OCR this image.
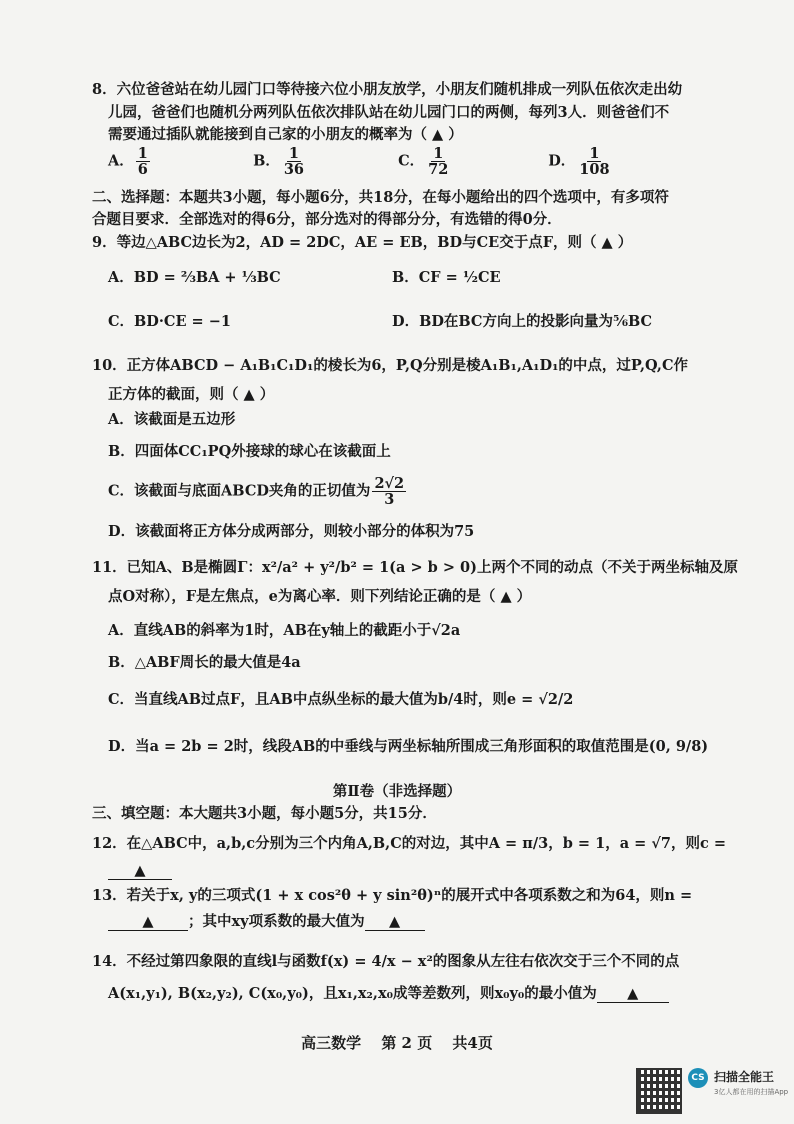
8．六位爸爸站在幼儿园门口等待接六位小朋友放学，小朋友们随机排成一列队伍依次走出幼
儿园，爸爸们也随机分两列队伍依次排队站在幼儿园门口的两侧，每列3人．则爸爸们不
需要通过插队就能接到自己家的小朋友的概率为（ ▲ ）
A． $\frac{1}{6}$	B． $\frac{1}{36}$	C． $\frac{1}{72}$	D． $\frac{1}{108}$
二、选择题：本题共3小题，每小题6分，共18分，在每小题给出的四个选项中，有多项符
合题目要求．全部选对的得6分，部分选对的得部分分，有选错的得0分．
9．等边△ABC边长为2，AD = 2DC，AE = EB，BD与CE交于点F，则（ ▲ ）
A．BD = ⅔BA + ⅓BC	B．CF = ½CE
C．BD·CE = −1	D．BD在BC方向上的投影向量为⅚BC
10．正方体ABCD − A₁B₁C₁D₁的棱长为6，P,Q分别是棱A₁B₁,A₁D₁的中点，过P,Q,C作
正方体的截面，则（ ▲ ）
A．该截面是五边形
B．四面体CC₁PQ外接球的球心在该截面上
C．该截面与底面ABCD夹角的正切值为 $\frac{2√2}{3}$
D．该截面将正方体分成两部分，则较小部分的体积为75
11．已知A、B是椭圆Γ：x²/a² + y²/b² = 1(a > b > 0)上两个不同的动点（不关于两坐标轴及原
点O对称），F是左焦点，e为离心率．则下列结论正确的是（ ▲ ）
A．直线AB的斜率为1时，AB在y轴上的截距小于√2a
B．△ABF周长的最大值是4a
C．当直线AB过点F，且AB中点纵坐标的最大值为b/4时，则e = √2/2
D．当a = 2b = 2时，线段AB的中垂线与两坐标轴所围成三角形面积的取值范围是(0, 9/8)
第Ⅱ卷（非选择题）
三、填空题：本大题共3小题，每小题5分，共15分．
12．在△ABC中，a,b,c分别为三个内角A,B,C的对边，其中A = π/3，b = 1，a = √7，则c =
▲
13．若关于x, y的三项式(1 + x cos²θ + y sin²θ)ⁿ的展开式中各项系数之和为64，则n =
▲ ；其中xy项系数的最大值为 ▲
14．不经过第四象限的直线l与函数f(x) = 4/x − x²的图象从左往右依次交于三个不同的点
A(x₁,y₁), B(x₂,y₂), C(x₀,y₀)，且x₁,x₂,x₀成等差数列，则x₀y₀的最小值为 ▲
高三数学　 第 2 页　 共4页
CS 扫描全能王
3亿人都在用的扫描App
